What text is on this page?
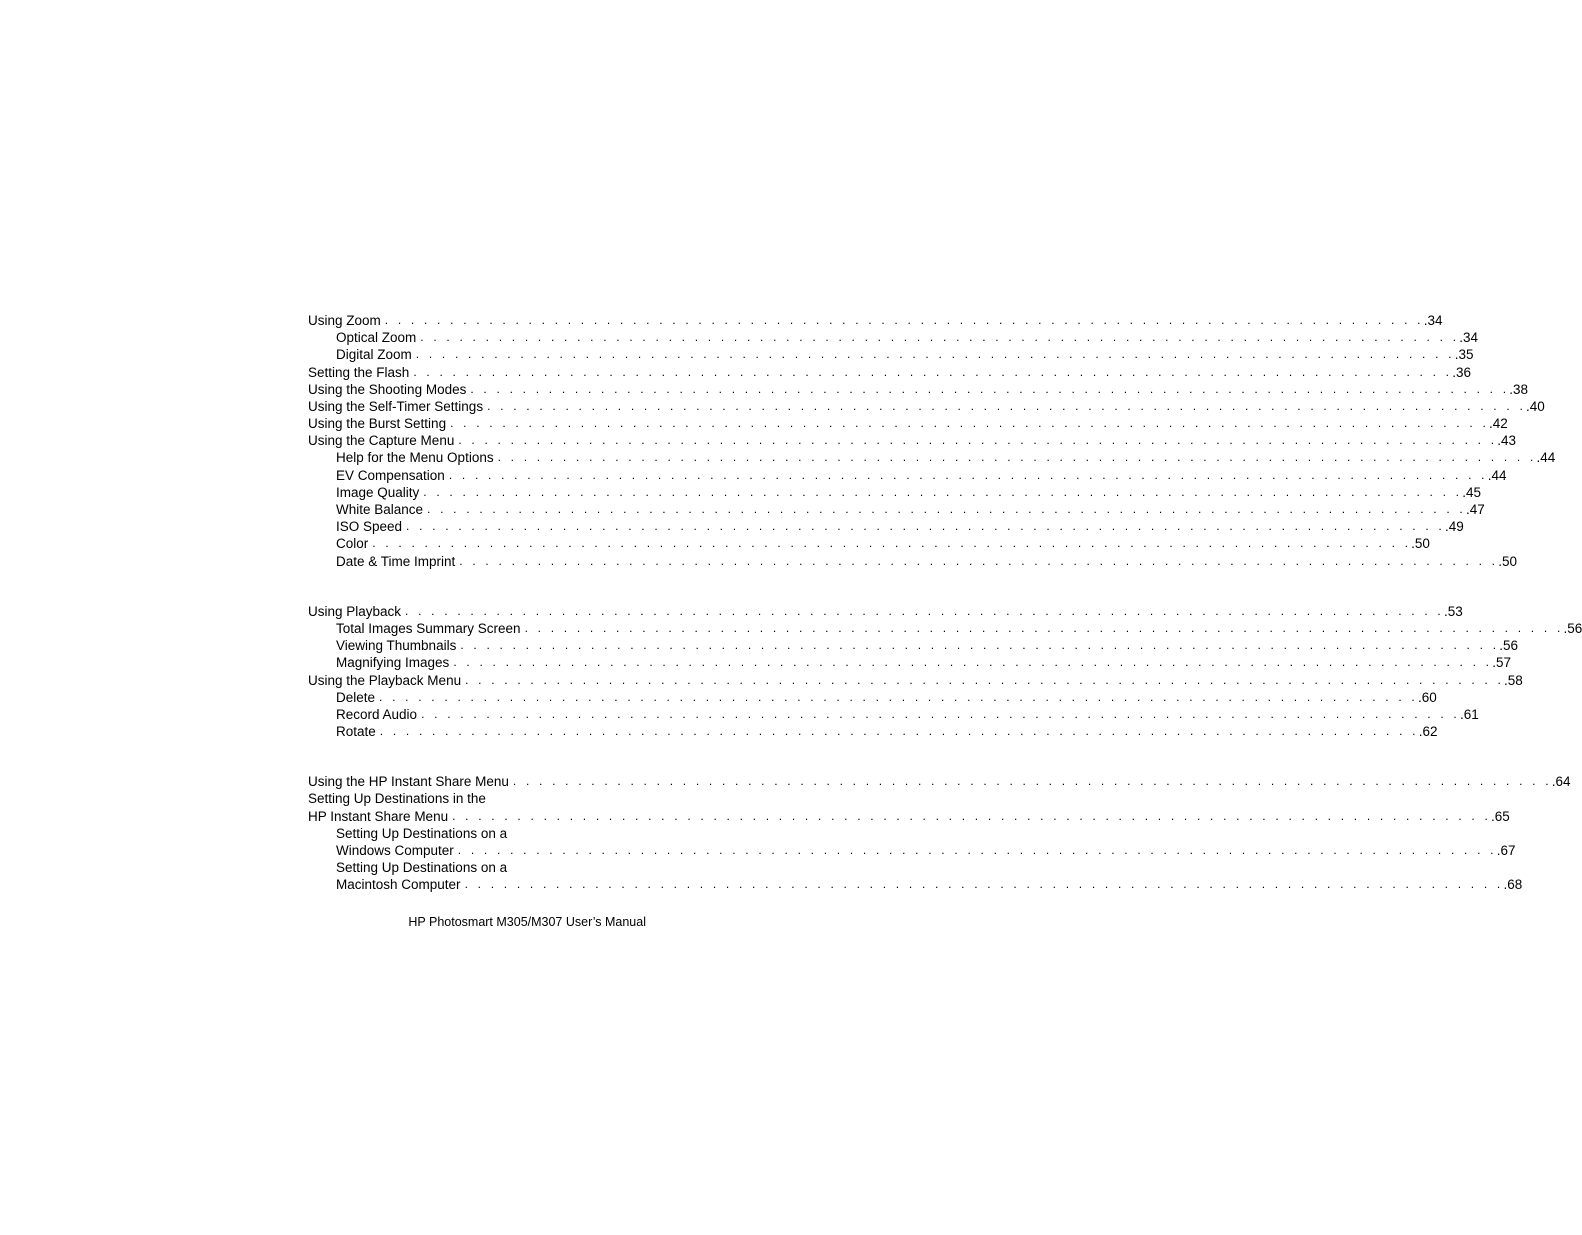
Using Zoom . . . . . . . . . . . . . . . . . . . . . . . . . . . . . . . . . . . . . . . . . . . . . . . . . . . . . . . . . . . . . . . . . . . . . . . . . . . . . . . . .34
Optical Zoom . . . . . . . . . . . . . . . . . . . . . . . . . . . . . . . . . . . . . . . . . . . . . . . . . . . . . . . . . . . . . . . . . . . . . . . . . . . . . . . . .34
Digital Zoom . . . . . . . . . . . . . . . . . . . . . . . . . . . . . . . . . . . . . . . . . . . . . . . . . . . . . . . . . . . . . . . . . . . . . . . . . . . . . . . . .35
Setting the Flash . . . . . . . . . . . . . . . . . . . . . . . . . . . . . . . . . . . . . . . . . . . . . . . . . . . . . . . . . . . . . . . . . . . . . . . . . . . . . . . . .36
Using the Shooting Modes . . . . . . . . . . . . . . . . . . . . . . . . . . . . . . . . . . . . . . . . . . . . . . . . . . . . . . . . . . . . . . . . . . . . . . . . . . . . . . . . .38
Using the Self-Timer Settings . . . . . . . . . . . . . . . . . . . . . . . . . . . . . . . . . . . . . . . . . . . . . . . . . . . . . . . . . . . . . . . . . . . . . . . . . . . . . . . . .40
Using the Burst Setting . . . . . . . . . . . . . . . . . . . . . . . . . . . . . . . . . . . . . . . . . . . . . . . . . . . . . . . . . . . . . . . . . . . . . . . . . . . . . . . . .42
Using the Capture Menu . . . . . . . . . . . . . . . . . . . . . . . . . . . . . . . . . . . . . . . . . . . . . . . . . . . . . . . . . . . . . . . . . . . . . . . . . . . . . . . . .43
Help for the Menu Options . . . . . . . . . . . . . . . . . . . . . . . . . . . . . . . . . . . . . . . . . . . . . . . . . . . . . . . . . . . . . . . . . . . . . . . . . . . . . . . . .44
EV Compensation . . . . . . . . . . . . . . . . . . . . . . . . . . . . . . . . . . . . . . . . . . . . . . . . . . . . . . . . . . . . . . . . . . . . . . . . . . . . . . . . .44
Image Quality . . . . . . . . . . . . . . . . . . . . . . . . . . . . . . . . . . . . . . . . . . . . . . . . . . . . . . . . . . . . . . . . . . . . . . . . . . . . . . . . .45
White Balance . . . . . . . . . . . . . . . . . . . . . . . . . . . . . . . . . . . . . . . . . . . . . . . . . . . . . . . . . . . . . . . . . . . . . . . . . . . . . . . . .47
ISO Speed . . . . . . . . . . . . . . . . . . . . . . . . . . . . . . . . . . . . . . . . . . . . . . . . . . . . . . . . . . . . . . . . . . . . . . . . . . . . . . . . .49
Color . . . . . . . . . . . . . . . . . . . . . . . . . . . . . . . . . . . . . . . . . . . . . . . . . . . . . . . . . . . . . . . . . . . . . . . . . . . . . . . . .50
Date & Time Imprint . . . . . . . . . . . . . . . . . . . . . . . . . . . . . . . . . . . . . . . . . . . . . . . . . . . . . . . . . . . . . . . . . . . . . . . . . . . . . . . . .50
Using Playback . . . . . . . . . . . . . . . . . . . . . . . . . . . . . . . . . . . . . . . . . . . . . . . . . . . . . . . . . . . . . . . . . . . . . . . . . . . . . . . . .53
Total Images Summary Screen . . . . . . . . . . . . . . . . . . . . . . . . . . . . . . . . . . . . . . . . . . . . . . . . . . . . . . . . . . . . . . . . . . . . . . . . . . . . . . . . .56
Viewing Thumbnails . . . . . . . . . . . . . . . . . . . . . . . . . . . . . . . . . . . . . . . . . . . . . . . . . . . . . . . . . . . . . . . . . . . . . . . . . . . . . . . . .56
Magnifying Images . . . . . . . . . . . . . . . . . . . . . . . . . . . . . . . . . . . . . . . . . . . . . . . . . . . . . . . . . . . . . . . . . . . . . . . . . . . . . . . . .57
Using the Playback Menu . . . . . . . . . . . . . . . . . . . . . . . . . . . . . . . . . . . . . . . . . . . . . . . . . . . . . . . . . . . . . . . . . . . . . . . . . . . . . . . . .58
Delete . . . . . . . . . . . . . . . . . . . . . . . . . . . . . . . . . . . . . . . . . . . . . . . . . . . . . . . . . . . . . . . . . . . . . . . . . . . . . . . . .60
Record Audio . . . . . . . . . . . . . . . . . . . . . . . . . . . . . . . . . . . . . . . . . . . . . . . . . . . . . . . . . . . . . . . . . . . . . . . . . . . . . . . . .61
Rotate . . . . . . . . . . . . . . . . . . . . . . . . . . . . . . . . . . . . . . . . . . . . . . . . . . . . . . . . . . . . . . . . . . . . . . . . . . . . . . . . .62
Using the HP Instant Share Menu . . . . . . . . . . . . . . . . . . . . . . . . . . . . . . . . . . . . . . . . . . . . . . . . . . . . . . . . . . . . . . . . . . . . . . . . . . . . . . . . .64
Setting Up Destinations in the
HP Instant Share Menu . . . . . . . . . . . . . . . . . . . . . . . . . . . . . . . . . . . . . . . . . . . . . . . . . . . . . . . . . . . . . . . . . . . . . . . . . . . . . . . . .65
Setting Up Destinations on a
Windows Computer . . . . . . . . . . . . . . . . . . . . . . . . . . . . . . . . . . . . . . . . . . . . . . . . . . . . . . . . . . . . . . . . . . . . . . . . . . . . . . . . .67
Setting Up Destinations on a
Macintosh Computer . . . . . . . . . . . . . . . . . . . . . . . . . . . . . . . . . . . . . . . . . . . . . . . . . . . . . . . . . . . . . . . . . . . . . . . . . . . . . . . . .68
HP Photosmart M305/M307 User’s Manual
